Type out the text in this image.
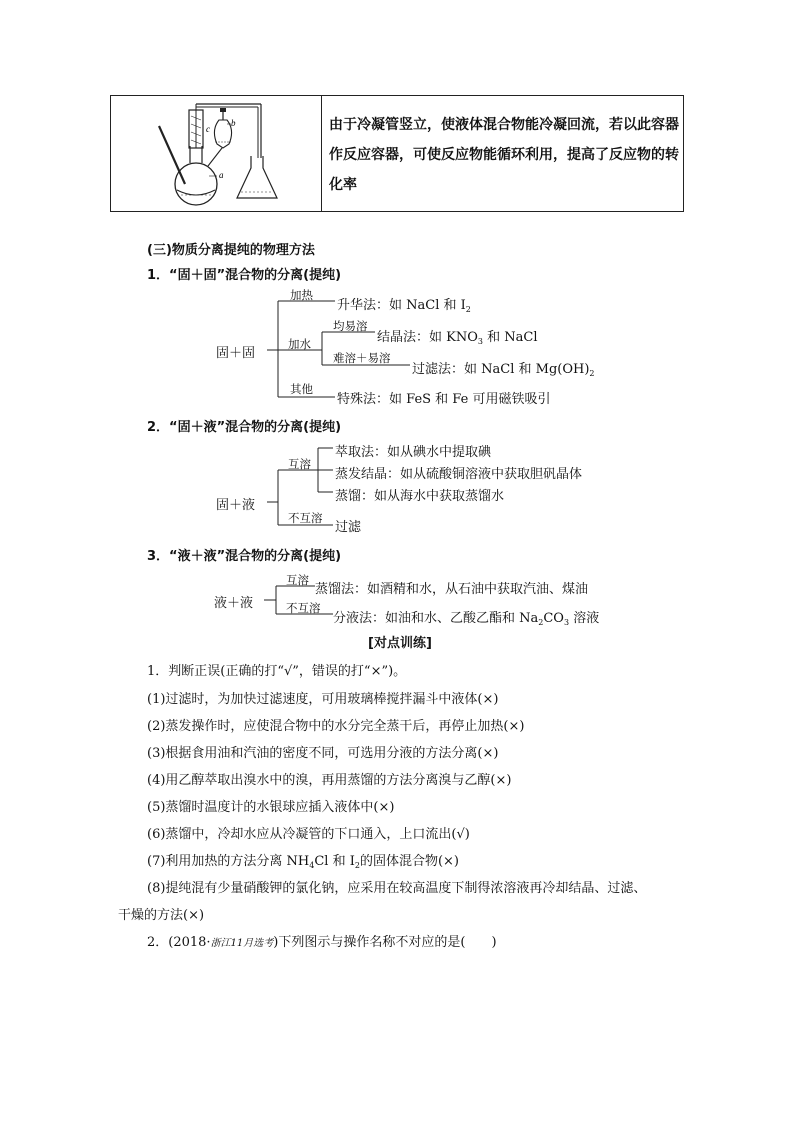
b
c
a
由于冷凝管竖立，使液体混合物能冷凝回流，若以此容器作反应容器，可使反应物能循环利用，提高了反应物的转化率
(三)物质分离提纯的物理方法
1．“固＋固”混合物的分离(提纯)
固＋固
加热
升华法：如 NaCl 和 $I_2$
加水
均易溶
结晶法：如 $KNO_3$ 和 NaCl
难溶＋易溶
过滤法：如 NaCl 和 $Mg(OH)_2$
其他
特殊法：如 FeS 和 Fe 可用磁铁吸引
2．“固＋液”混合物的分离(提纯)
固＋液
互溶
萃取法：如从碘水中提取碘
蒸发结晶：如从硫酸铜溶液中获取胆矾晶体
蒸馏：如从海水中获取蒸馏水
不互溶
过滤
3．“液＋液”混合物的分离(提纯)
液＋液
互溶
蒸馏法：如酒精和水，从石油中获取汽油、煤油
不互溶
分液法：如油和水、乙酸乙酯和 $Na_2CO_3$ 溶液
[对点训练]
1．判断正误(正确的打“√”，错误的打“×”)。
(1)过滤时，为加快过滤速度，可用玻璃棒搅拌漏斗中液体(×)
(2)蒸发操作时，应使混合物中的水分完全蒸干后，再停止加热(×)
(3)根据食用油和汽油的密度不同，可选用分液的方法分离(×)
(4)用乙醇萃取出溴水中的溴，再用蒸馏的方法分离溴与乙醇(×)
(5)蒸馏时温度计的水银球应插入液体中(×)
(6)蒸馏中，冷却水应从冷凝管的下口通入，上口流出(√)
(7)利用加热的方法分离 $NH_4Cl$ 和 $I_2$的固体混合物(×)
(8)提纯混有少量硝酸钾的氯化钠，应采用在较高温度下制得浓溶液再冷却结晶、过滤、
干燥的方法(×)
2．(2018·浙江11月选考)下列图示与操作名称不对应的是(　　)
